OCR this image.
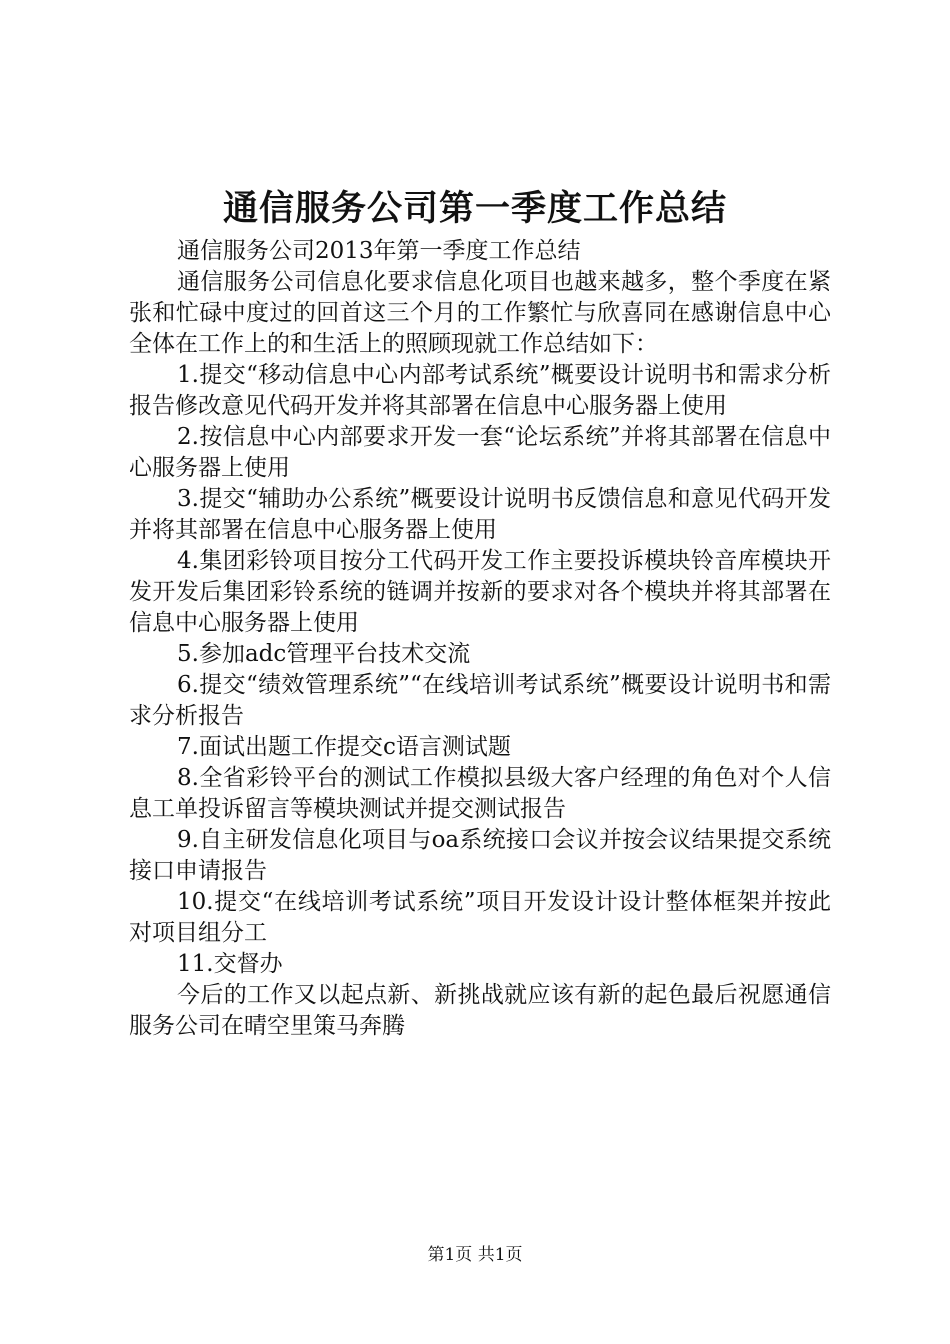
通信服务公司第一季度工作总结

通信服务公司2013年第一季度工作总结

通信服务公司信息化要求信息化项目也越来越多，整个季度在紧张和忙碌中度过的回首这三个月的工作繁忙与欣喜同在感谢信息中心全体在工作上的和生活上的照顾现就工作总结如下：

1.提交“移动信息中心内部考试系统”概要设计说明书和需求分析报告修改意见代码开发并将其部署在信息中心服务器上使用

2.按信息中心内部要求开发一套“论坛系统”并将其部署在信息中心服务器上使用

3.提交“辅助办公系统”概要设计说明书反馈信息和意见代码开发并将其部署在信息中心服务器上使用

4.集团彩铃项目按分工代码开发工作主要投诉模块铃音库模块开发开发后集团彩铃系统的链调并按新的要求对各个模块并将其部署在信息中心服务器上使用

5.参加adc管理平台技术交流

6.提交“绩效管理系统”“在线培训考试系统”概要设计说明书和需求分析报告

7.面试出题工作提交c语言测试题

8.全省彩铃平台的测试工作模拟县级大客户经理的角色对个人信息工单投诉留言等模块测试并提交测试报告

9.自主研发信息化项目与oa系统接口会议并按会议结果提交系统接口申请报告

10.提交“在线培训考试系统”项目开发设计设计整体框架并按此对项目组分工

11.交督办

今后的工作又以起点新、新挑战就应该有新的起色最后祝愿通信服务公司在晴空里策马奔腾

第1页 共1页
